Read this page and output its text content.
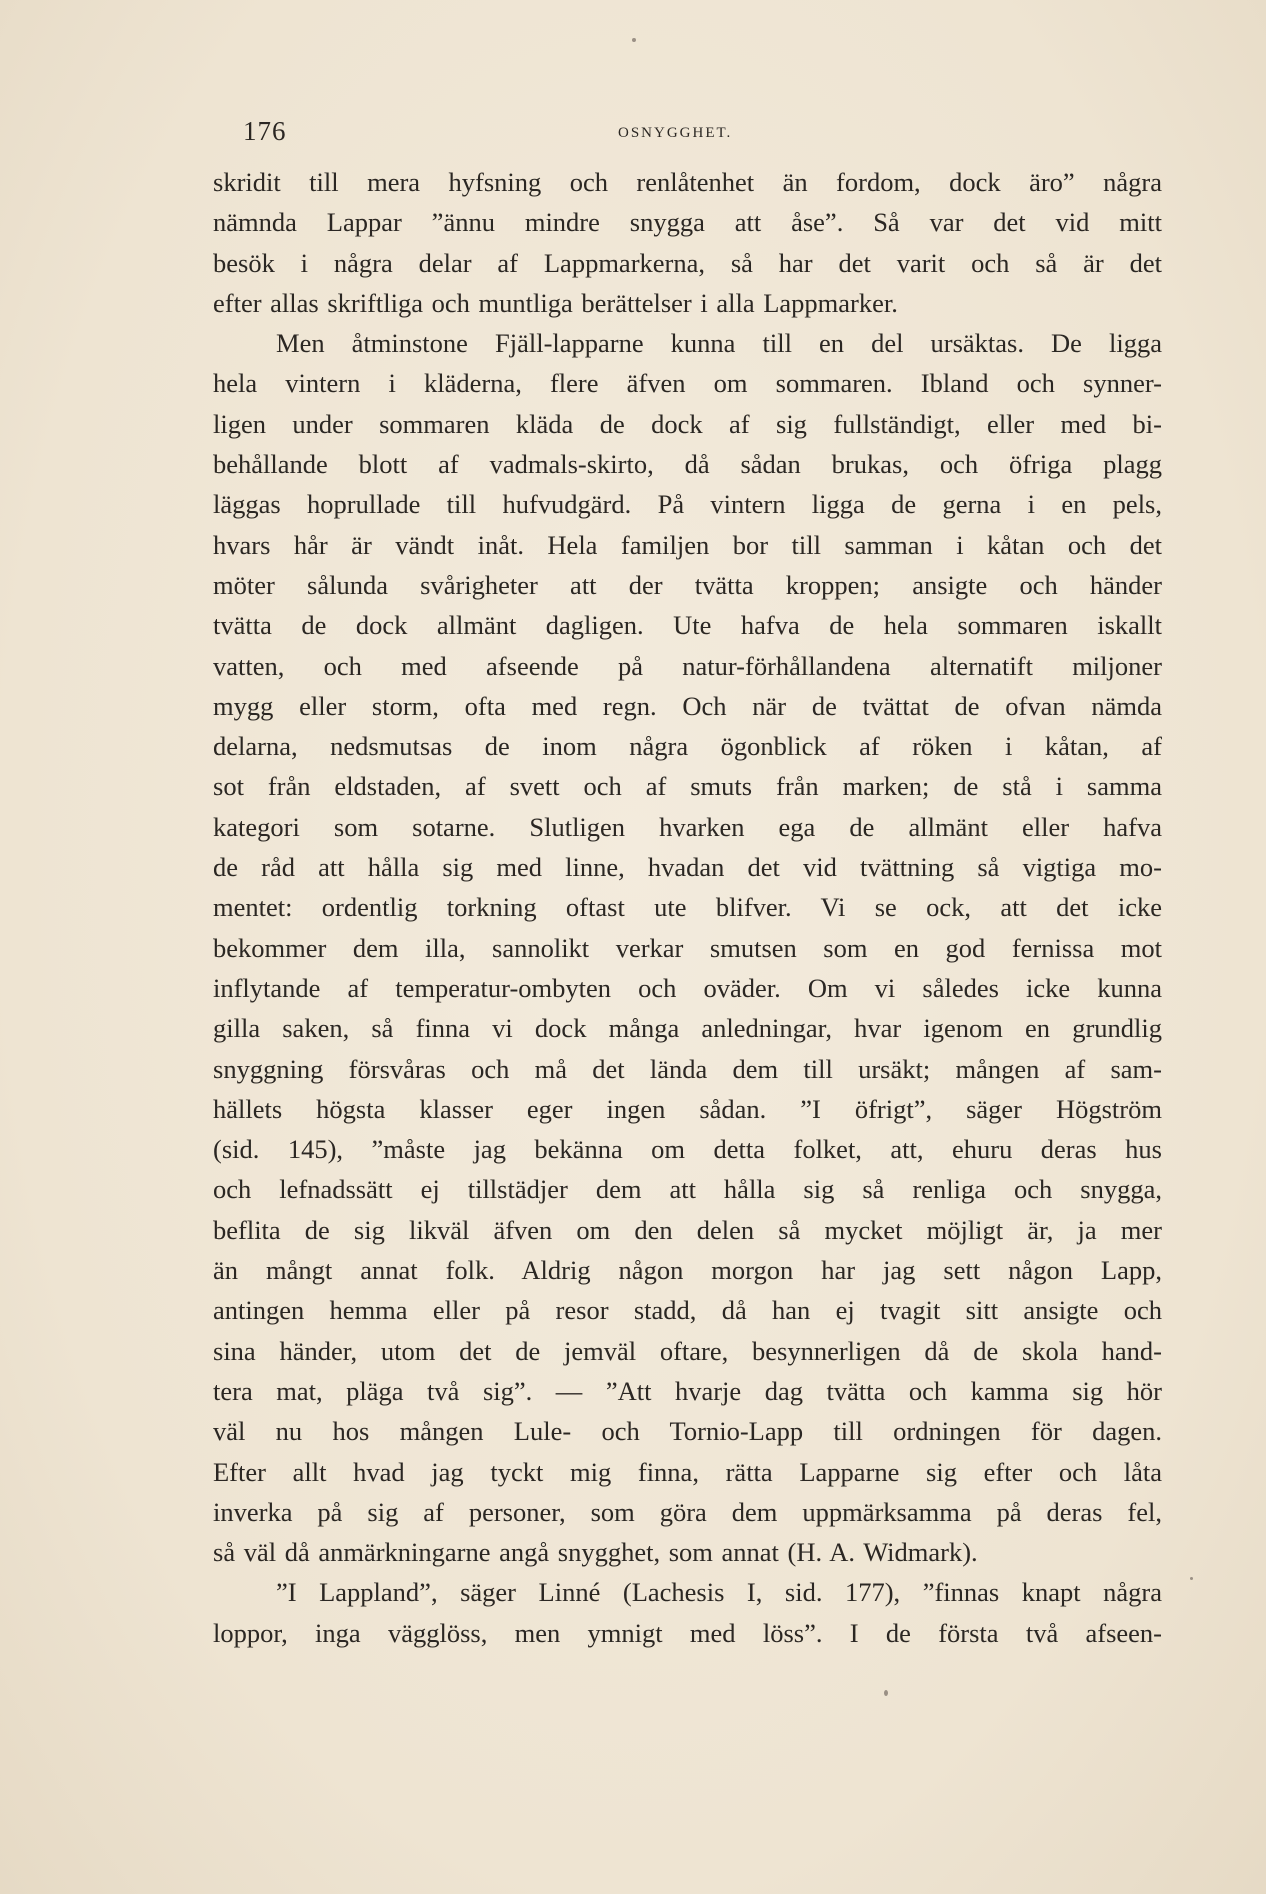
176	OSNYGGHET.
skridit till mera hyfsning och renlåtenhet än fordom, dock äro” några
nämnda Lappar ”ännu mindre snygga att åse”. Så var det vid mitt
besök i några delar af Lappmarkerna, så har det varit och så är det
efter allas skriftliga och muntliga berättelser i alla Lappmarker.
Men åtminstone Fjäll-lapparne kunna till en del ursäktas. De ligga
hela vintern i kläderna, flere äfven om sommaren. Ibland och synner-
ligen under sommaren kläda de dock af sig fullständigt, eller med bi-
behållande blott af vadmals-skirto, då sådan brukas, och öfriga plagg
läggas hoprullade till hufvudgärd. På vintern ligga de gerna i en pels,
hvars hår är vändt inåt. Hela familjen bor till samman i kåtan och det
möter sålunda svårigheter att der tvätta kroppen; ansigte och händer
tvätta de dock allmänt dagligen. Ute hafva de hela sommaren iskallt
vatten, och med afseende på natur-förhållandena alternatift miljoner
mygg eller storm, ofta med regn. Och när de tvättat de ofvan nämda
delarna, nedsmutsas de inom några ögonblick af röken i kåtan, af
sot från eldstaden, af svett och af smuts från marken; de stå i samma
kategori som sotarne. Slutligen hvarken ega de allmänt eller hafva
de råd att hålla sig med linne, hvadan det vid tvättning så vigtiga mo-
mentet: ordentlig torkning oftast ute blifver. Vi se ock, att det icke
bekommer dem illa, sannolikt verkar smutsen som en god fernissa mot
inflytande af temperatur-ombyten och oväder. Om vi således icke kunna
gilla saken, så finna vi dock många anledningar, hvar igenom en grundlig
snyggning försvåras och må det lända dem till ursäkt; mången af sam-
hällets högsta klasser eger ingen sådan. ”I öfrigt”, säger Högström
(sid. 145), ”måste jag bekänna om detta folket, att, ehuru deras hus
och lefnadssätt ej tillstädjer dem att hålla sig så renliga och snygga,
beflita de sig likväl äfven om den delen så mycket möjligt är, ja mer
än mångt annat folk. Aldrig någon morgon har jag sett någon Lapp,
antingen hemma eller på resor stadd, då han ej tvagit sitt ansigte och
sina händer, utom det de jemväl oftare, besynnerligen då de skola hand-
tera mat, pläga två sig”. — ”Att hvarje dag tvätta och kamma sig hör
väl nu hos mången Lule- och Tornio-Lapp till ordningen för dagen.
Efter allt hvad jag tyckt mig finna, rätta Lapparne sig efter och låta
inverka på sig af personer, som göra dem uppmärksamma på deras fel,
så väl då anmärkningarne angå snygghet, som annat (H. A. Widmark).
”I Lappland”, säger Linné (Lachesis I, sid. 177), ”finnas knapt några
loppor, inga vägglöss, men ymnigt med löss”. I de första två afseen-
